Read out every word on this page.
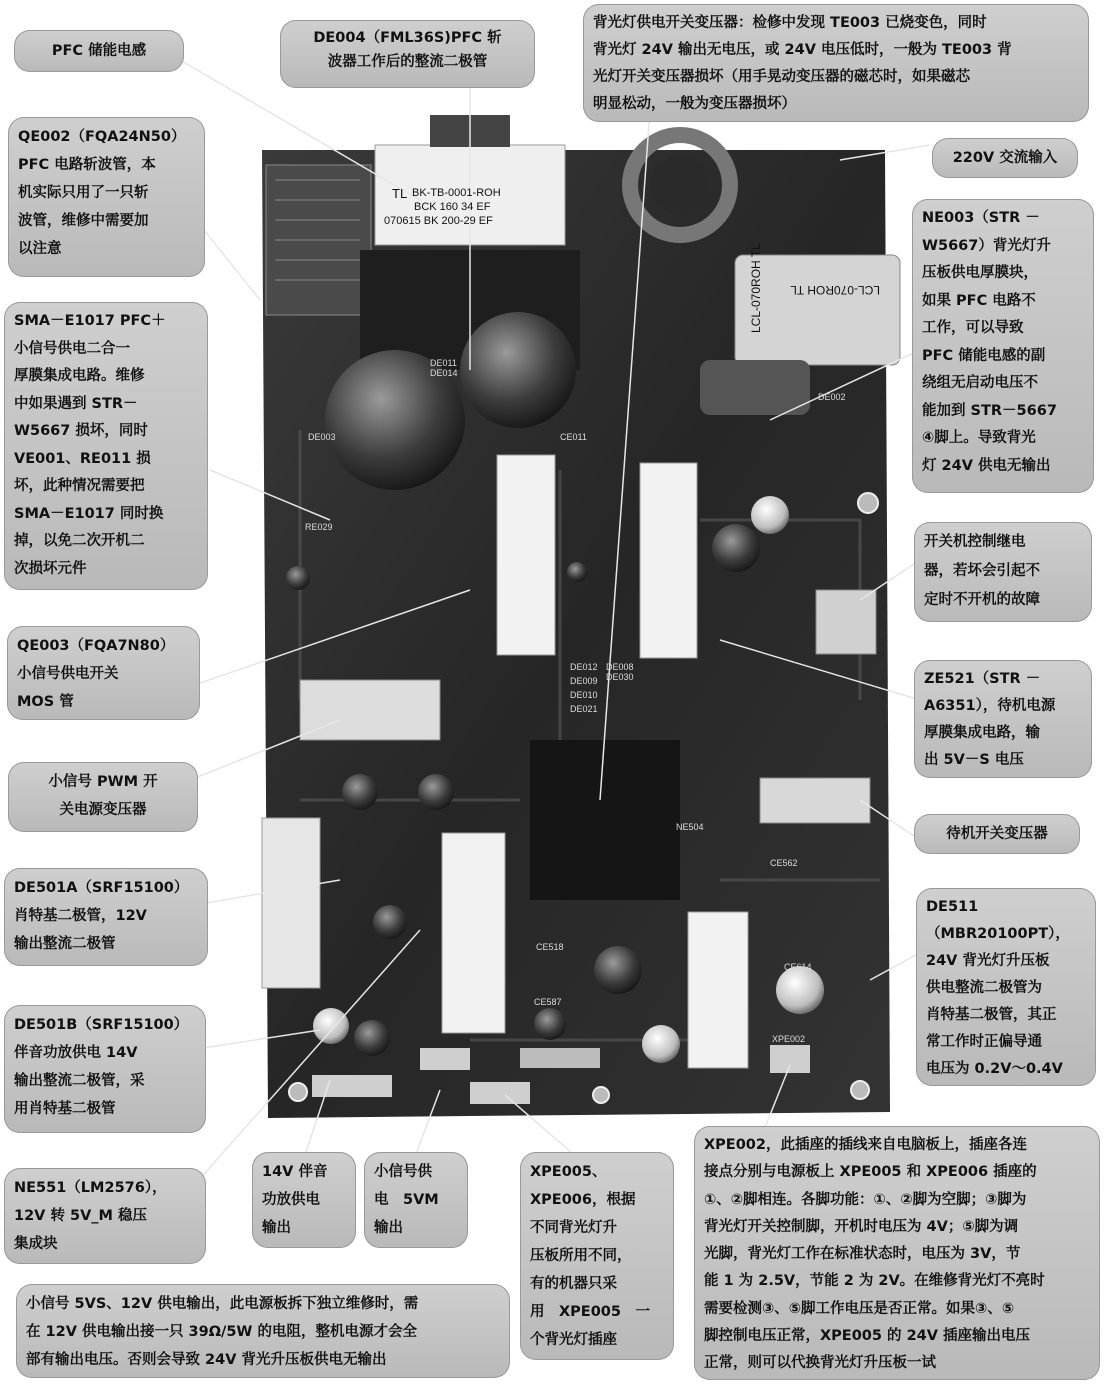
TL BK-TB-0001-ROH
BCK 160 34 EF
070615 BK 200-29 EF
LCL-070ROH TL
LCL-070ROH TL
DE011
DE014
DE003
DE002
CE011
RE029
DE012
DE009
DE010
DE021
DE008
DE030
CE518
CE587
CE614
CE562
NE504
XPE002
PFC 储能电感
DE004（FML36S)PFC 斩
波器工作后的整流二极管
背光灯供电开关变压器：检修中发现 TE003 已烧变色，同时
背光灯 24V 输出无电压，或 24V 电压低时，一般为 TE003 背
光灯开关变压器损坏（用手晃动变压器的磁芯时，如果磁芯
明显松动，一般为变压器损坏）
QE002（FQA24N50）
PFC 电路斩波管，本
机实际只用了一只斩
波管，维修中需要加
以注意
220V 交流输入
NE003（STR －
W5667）背光灯升
压板供电厚膜块，
如果 PFC 电路不
工作，可以导致
PFC 储能电感的副
绕组无启动电压不
能加到 STR－5667
④脚上。导致背光
灯 24V 供电无输出
SMA－E1017 PFC＋
小信号供电二合一
厚膜集成电路。维修
中如果遇到 STR－
W5667 损坏，同时
VE001、RE011 损
坏，此种情况需要把
SMA－E1017 同时换
掉，以免二次开机二
次损坏元件
开关机控制继电
器，若坏会引起不
定时不开机的故障
QE003（FQA7N80）
小信号供电开关
MOS 管
ZE521（STR －
A6351），待机电源
厚膜集成电路，输
出 5V－S 电压
小信号 PWM 开
关电源变压器
待机开关变压器
DE501A（SRF15100）
肖特基二极管，12V
输出整流二极管
DE511
（MBR20100PT），
24V 背光灯升压板
供电整流二极管为
肖特基二极管，其正
常工作时正偏导通
电压为 0.2V～0.4V
DE501B（SRF15100）
伴音功放供电 14V
输出整流二极管，采
用肖特基二极管
NE551（LM2576），
12V 转 5V_M 稳压
集成块
14V 伴音
功放供电
输出
小信号供
电　5VM
输出
XPE005、
XPE006，根据
不同背光灯升
压板所用不同，
有的机器只采
用　XPE005　一
个背光灯插座
XPE002，此插座的插线来自电脑板上，插座各连
接点分别与电源板上 XPE005 和 XPE006 插座的
①、②脚相连。各脚功能：①、②脚为空脚；③脚为
背光灯开关控制脚，开机时电压为 4V；⑤脚为调
光脚，背光灯工作在标准状态时，电压为 3V，节
能 1 为 2.5V，节能 2 为 2V。在维修背光灯不亮时
需要检测③、⑤脚工作电压是否正常。如果③、⑤
脚控制电压正常，XPE005 的 24V 插座输出电压
正常，则可以代换背光灯升压板一试
小信号 5VS、12V 供电输出，此电源板拆下独立维修时，需
在 12V 供电输出接一只 39Ω/5W 的电阻，整机电源才会全
部有输出电压。否则会导致 24V 背光升压板供电无输出
